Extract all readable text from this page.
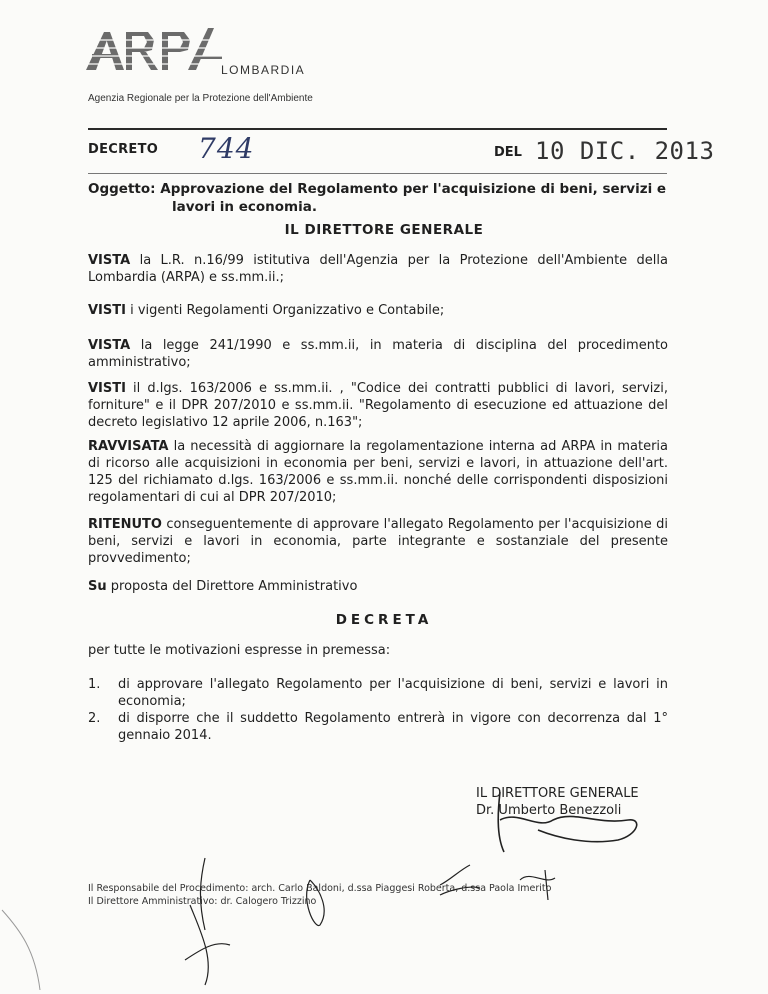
LOMBARDIA
Agenzia Regionale per la Protezione dell'Ambiente
DECRETO 744	DEL 10 DIC. 2013
Oggetto: Approvazione del Regolamento per l'acquisizione di beni, servizi e
lavori in economia.
IL DIRETTORE GENERALE
VISTA la L.R. n.16/99 istitutiva dell'Agenzia per la Protezione dell'Ambiente della Lombardia (ARPA) e ss.mm.ii.;
VISTI i vigenti Regolamenti Organizzativo e Contabile;
VISTA la legge 241/1990 e ss.mm.ii, in materia di disciplina del procedimento amministrativo;
VISTI il d.lgs. 163/2006 e ss.mm.ii. , "Codice dei contratti pubblici di lavori, servizi, forniture" e il DPR 207/2010 e ss.mm.ii. "Regolamento di esecuzione ed attuazione del decreto legislativo 12 aprile 2006, n.163";
RAVVISATA la necessità di aggiornare la regolamentazione interna ad ARPA in materia di ricorso alle acquisizioni in economia per beni, servizi e lavori, in attuazione dell'art. 125 del richiamato d.lgs. 163/2006 e ss.mm.ii. nonché delle corrispondenti disposizioni regolamentari di cui al DPR 207/2010;
RITENUTO conseguentemente di approvare l'allegato Regolamento per l'acquisizione di beni, servizi e lavori in economia, parte integrante e sostanziale del presente provvedimento;
Su proposta del Direttore Amministrativo
DECRETA
per tutte le motivazioni espresse in premessa:
1. di approvare l'allegato Regolamento per l'acquisizione di beni, servizi e lavori in economia;
2. di disporre che il suddetto Regolamento entrerà in vigore con decorrenza dal 1° gennaio 2014.
IL DIRETTORE GENERALE
Dr. Umberto Benezzoli
Il Responsabile del Procedimento: arch. Carlo Baldoni, d.ssa Piaggesi Roberta, d.ssa Paola Imerito
Il Direttore Amministrativo: dr. Calogero Trizzino
